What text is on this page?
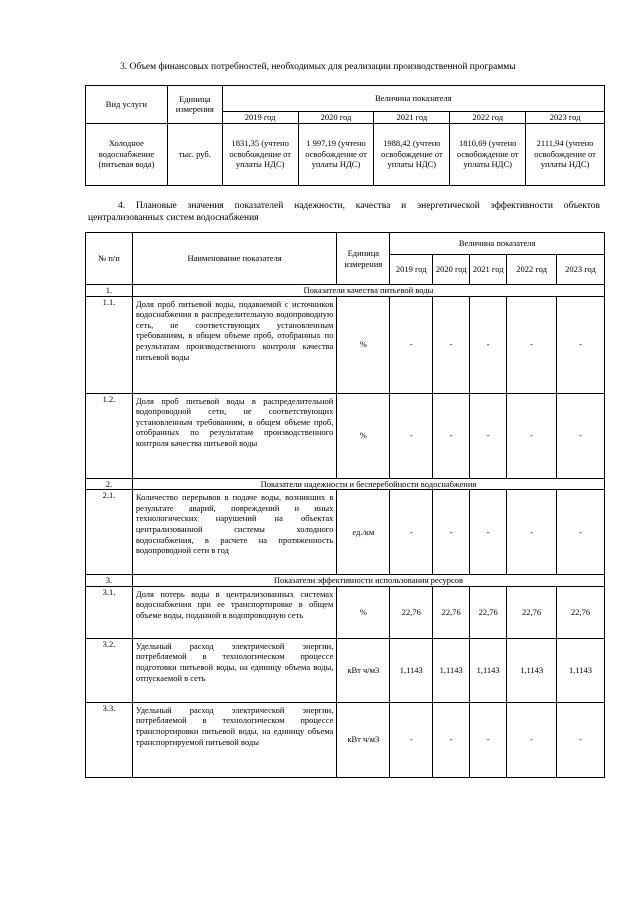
3. Объем финансовых потребностей, необходимых для реализации производственной программы
Вид услуги	Единица измерения	Величина показателя				
		2019 год	2020 год	2021 год	2022 год	2023 год
Холодное водоснабжение (питьевая вода)	тыс. руб.	1831,35 (учтено освобождение от уплаты НДС)	1 997,19 (учтено освобождение от уплаты НДС)	1988,42 (учтено освобождение от уплаты НДС)	1810,69 (учтено освобождение от уплаты НДС)	2111,94 (учтено освобождение от уплаты НДС)
4. Плановые значения показателей надежности, качества и энергетической эффективности объектов централизованных систем водоснабжения
№ п/п	Наименование показателя	Единица измерения	Величина показателя				
			2019 год	2020 год	2021 год	2022 год	2023 год
1.	Показатели качества питьевой воды						
1.1.	Доля проб питьевой воды, подаваемой с источников водоснабжения в распределительную водопроводную сеть, не соответствующих установленным требованиям, в общем объеме проб, отобранных по результатам производственного контроля качества питьевой воды	%	-	-	-	-	-
1.2.	Доля проб питьевой воды в распределительной водопроводной сети, не соответствующих установленным требованиям, в общем объеме проб, отобранных по результатам производственного контроля качества питьевой воды	%	-	-	-	-	-
2.	Показатели надежности и бесперебойности водоснабжения						
2.1.	Количество перерывов в подаче воды, возникших в результате аварий, повреждений и иных технологических нарушений на объектах централизованной системы холодного водоснабжения, в расчете на протяженность водопроводной сети в год	ед./км	-	-	-	-	-
3.	Показатели эффективности использования ресурсов						
3.1.	Доля потерь воды в централизованных системах водоснабжения при ее транспортировке в общем объеме воды, поданной в водопроводную сеть	%	22,76	22,76	22,76	22,76	22,76
3.2.	Удельный расход электрической энергии, потребляемой в технологическом процессе подготовки питьевой воды, на единицу объема воды, отпускаемой в сеть	кВт ч/м3	1,1143	1,1143	1,1143	1,1143	1,1143
3.3.	Удельный расход электрической энергии, потребляемой в технологическом процессе транспортировки питьевой воды, на единицу объема транспортируемой питьевой воды	кВт ч/м3	-	-	-	-	-
